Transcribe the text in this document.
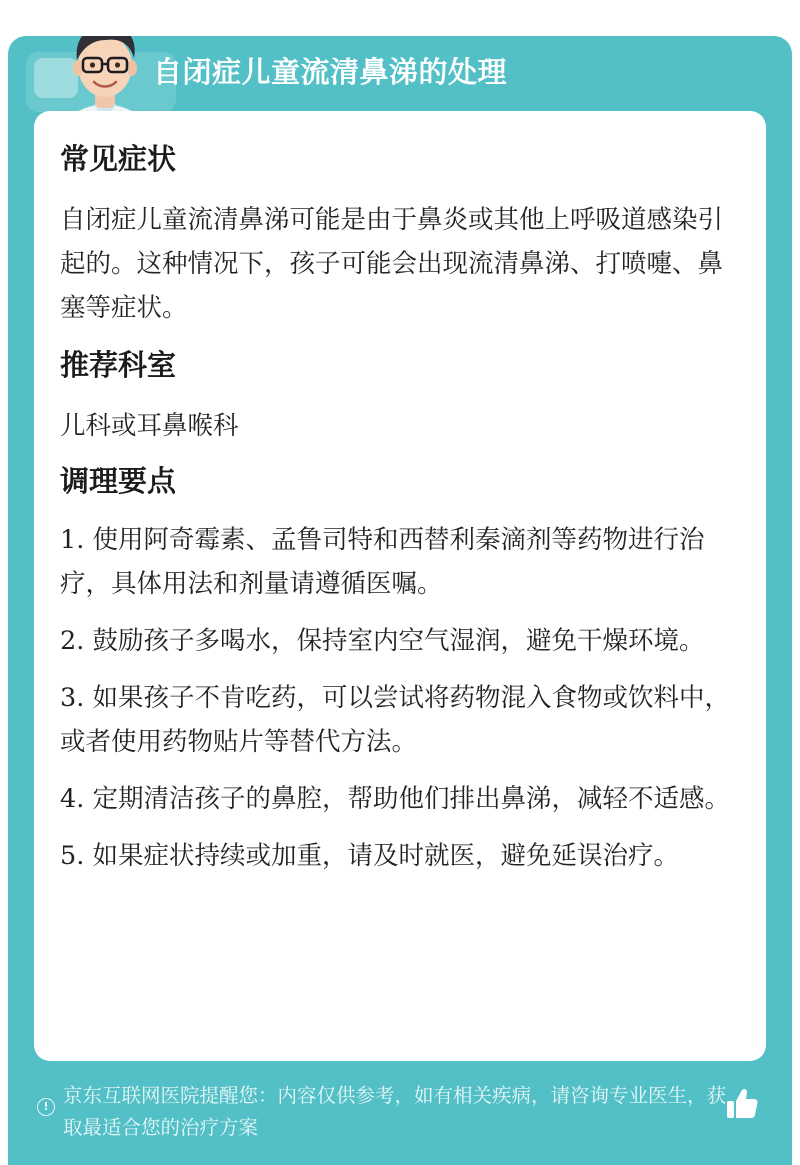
自闭症儿童流清鼻涕的处理
常见症状

自闭症儿童流清鼻涕可能是由于鼻炎或其他上呼吸道感染引起的。这种情况下，孩子可能会出现流清鼻涕、打喷嚏、鼻塞等症状。

推荐科室

儿科或耳鼻喉科

调理要点

1. 使用阿奇霉素、孟鲁司特和西替利秦滴剂等药物进行治疗，具体用法和剂量请遵循医嘱。

2. 鼓励孩子多喝水，保持室内空气湿润，避免干燥环境。

3. 如果孩子不肯吃药，可以尝试将药物混入食物或饮料中，或者使用药物贴片等替代方法。

4. 定期清洁孩子的鼻腔，帮助他们排出鼻涕，减轻不适感。

5. 如果症状持续或加重，请及时就医，避免延误治疗。

! 京东互联网医院提醒您：内容仅供参考，如有相关疾病，请咨询专业医生，获取最适合您的治疗方案
